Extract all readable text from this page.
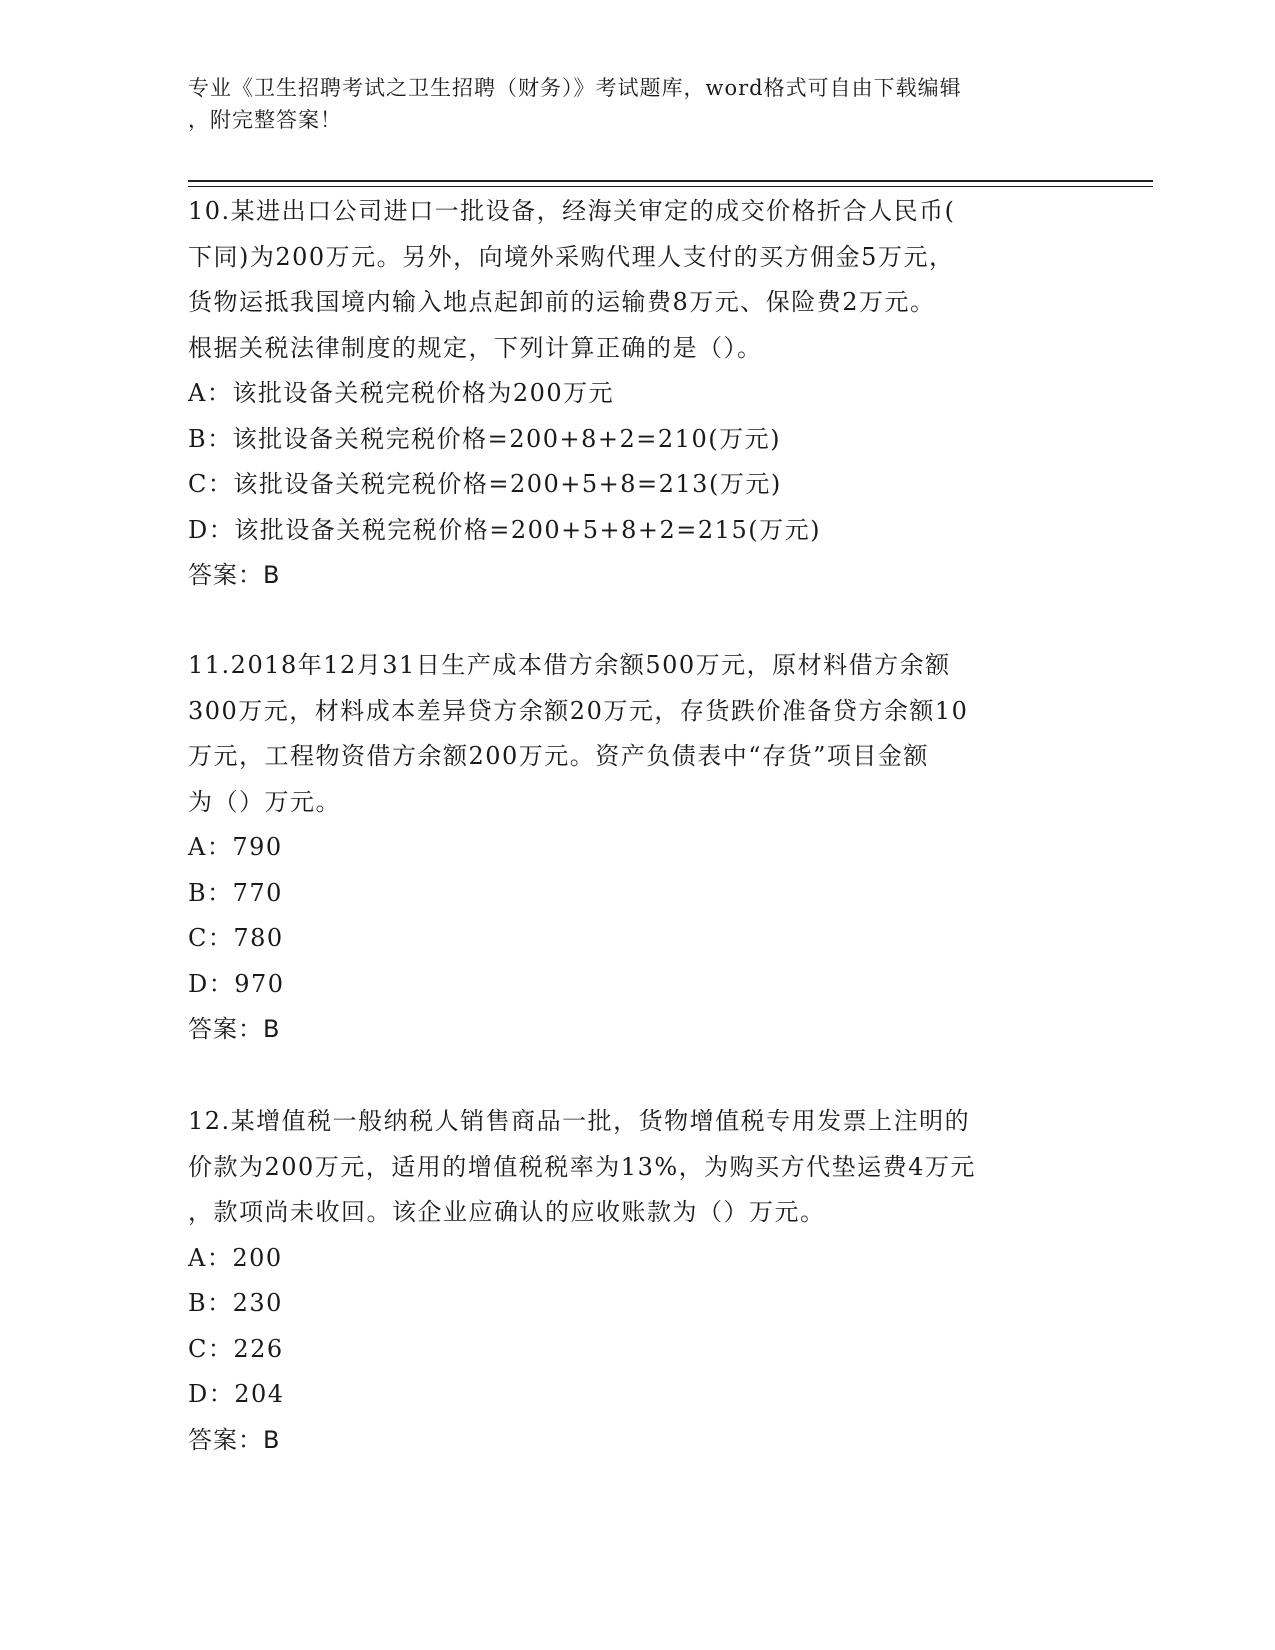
专业《卫生招聘考试之卫生招聘（财务）》考试题库，word格式可自由下载编辑
，附完整答案！

10.某进出口公司进口一批设备，经海关审定的成交价格折合人民币(

下同)为200万元。另外，向境外采购代理人支付的买方佣金5万元，

货物运抵我国境内输入地点起卸前的运输费8万元、保险费2万元。

根据关税法律制度的规定，下列计算正确的是（）。

A：该批设备关税完税价格为200万元

B：该批设备关税完税价格=200+8+2=210(万元)

C：该批设备关税完税价格=200+5+8=213(万元)

D：该批设备关税完税价格=200+5+8+2=215(万元)

答案：B

11.2018年12月31日生产成本借方余额500万元，原材料借方余额

300万元，材料成本差异贷方余额20万元，存货跌价准备贷方余额10

万元，工程物资借方余额200万元。资产负债表中“存货”项目金额

为（）万元。

A：790

B：770

C：780

D：970

答案：B

12.某增值税一般纳税人销售商品一批，货物增值税专用发票上注明的

价款为200万元，适用的增值税税率为13%，为购买方代垫运费4万元

，款项尚未收回。该企业应确认的应收账款为（）万元。

A：200

B：230

C：226

D：204

答案：B
